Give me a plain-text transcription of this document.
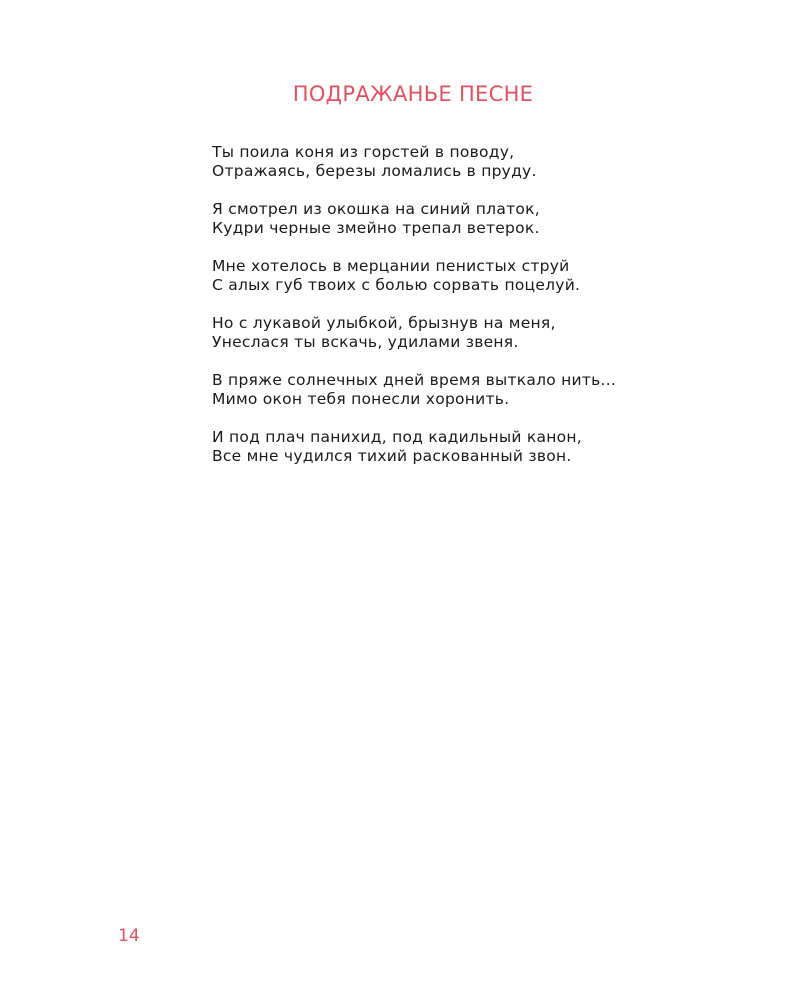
ПОДРАЖАНЬЕ ПЕСНЕ
Ты поила коня из горстей в поводу,
Отражаясь, березы ломались в пруду.
Я смотрел из окошка на синий платок,
Кудри черные змейно трепал ветерок.
Мне хотелось в мерцании пенистых струй
С алых губ твоих с болью сорвать поцелуй.
Но с лукавой улыбкой, брызнув на меня,
Унеслася ты вскачь, удилами звеня.
В пряже солнечных дней время выткало нить...
Мимо окон тебя понесли хоронить.
И под плач панихид, под кадильный канон,
Все мне чудился тихий раскованный звон.
14
